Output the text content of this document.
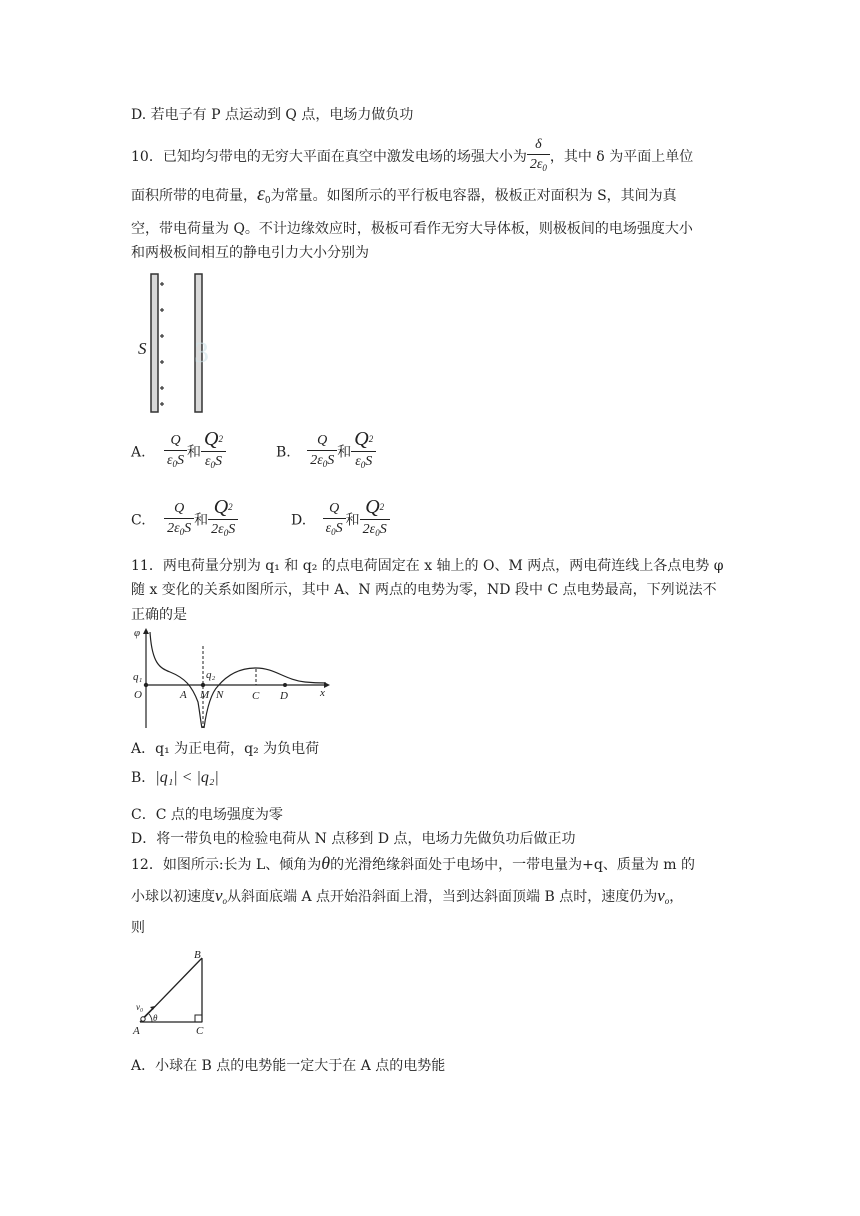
D. 若电子有 P 点运动到 Q 点，电场力做负功
10．已知均匀带电的无穷大平面在真空中激发电场的场强大小为 $\frac{\delta}{2\varepsilon_0}$ ，其中 δ 为平面上单位
面积所带的电荷量，$\varepsilon_0$为常量。如图所示的平行板电容器，极板正对面积为 S，其间为真
空，带电荷量为 Q。不计边缘效应时，极板可看作无穷大导体板，则极板间的电场强度大小
和两极板间相互的静电引力大小分别为
S 3
A. $\frac{Q}{\varepsilon_0S}$ 和 $\frac{Q^2}{\varepsilon_0S}$	B. $\frac{Q}{2\varepsilon_0S}$ 和 $\frac{Q^2}{\varepsilon_0S}$
C. $\frac{Q}{2\varepsilon_0S}$ 和 $\frac{Q^2}{2\varepsilon_0S}$	D. $\frac{Q}{\varepsilon_0S}$ 和 $\frac{Q^2}{2\varepsilon_0S}$
11．两电荷量分别为 q₁ 和 q₂ 的点电荷固定在 x 轴上的 O、M 两点，两电荷连线上各点电势 φ
随 x 变化的关系如图所示，其中 A、N 两点的电势为零，ND 段中 C 点电势最高，下列说法不
正确的是
φ
q₁	q₂
O	A M N	C D	x
A．q₁ 为正电荷，q₂ 为负电荷
B．|q₁| < |q₂|
C．C 点的电场强度为零
D．将一带负电的检验电荷从 N 点移到 D 点，电场力先做负功后做正功
12．如图所示:长为 L、倾角为θ的光滑绝缘斜面处于电场中，一带电量为+q、质量为 m 的
小球以初速度$v_o$从斜面底端 A 点开始沿斜面上滑，当到达斜面顶端 B 点时，速度仍为$v_o$，
则
B
A	C
v₀
θ
A．小球在 B 点的电势能一定大于在 A 点的电势能
